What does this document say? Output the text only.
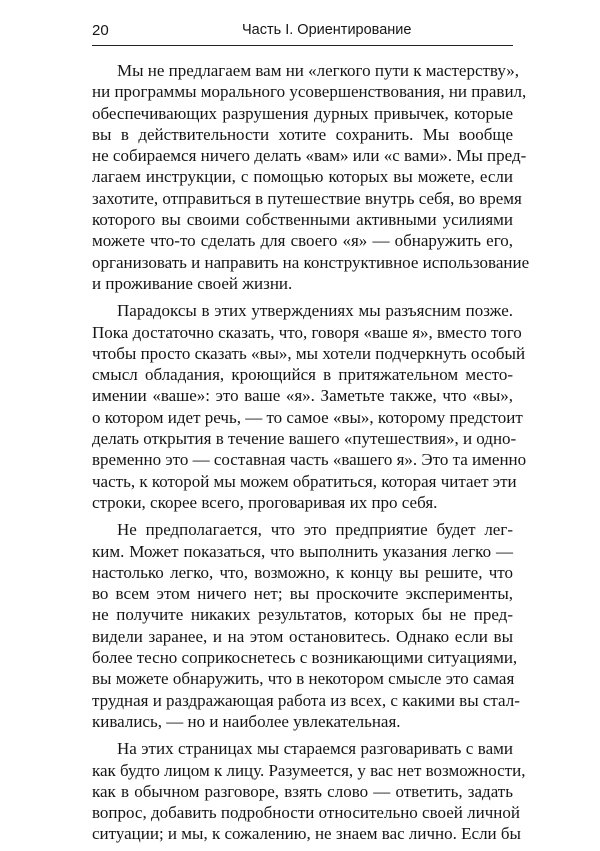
20	Часть I. Ориентирование
Мы не предлагаем вам ни «легкого пути к мастерству»,
ни программы морального усовершенствования, ни правил,
обеспечивающих разрушения дурных привычек, которые
вы в действительности хотите сохранить. Мы вообще
не собираемся ничего делать «вам» или «с вами». Мы пред-
лагаем инструкции, с помощью которых вы можете, если
захотите, отправиться в путешествие внутрь себя, во время
которого вы своими собственными активными усилиями
можете что-то сделать для своего «я» — обнаружить его,
организовать и направить на конструктивное использование
и проживание своей жизни.
Парадоксы в этих утверждениях мы разъясним позже.
Пока достаточно сказать, что, говоря «ваше я», вместо того
чтобы просто сказать «вы», мы хотели подчеркнуть особый
смысл обладания, кроющийся в притяжательном место-
имении «ваше»: это ваше «я». Заметьте также, что «вы»,
о котором идет речь, — то самое «вы», которому предстоит
делать открытия в течение вашего «путешествия», и одно-
временно это — составная часть «вашего я». Это та именно
часть, к которой мы можем обратиться, которая читает эти
строки, скорее всего, проговаривая их про себя.
Не предполагается, что это предприятие будет лег-
ким. Может показаться, что выполнить указания легко —
настолько легко, что, возможно, к концу вы решите, что
во всем этом ничего нет; вы проскочите эксперименты,
не получите никаких результатов, которых бы не пред-
видели заранее, и на этом остановитесь. Однако если вы
более тесно соприкоснетесь с возникающими ситуациями,
вы можете обнаружить, что в некотором смысле это самая
трудная и раздражающая работа из всех, с какими вы стал-
кивались, — но и наиболее увлекательная.
На этих страницах мы стараемся разговаривать с вами
как будто лицом к лицу. Разумеется, у вас нет возможности,
как в обычном разговоре, взять слово — ответить, задать
вопрос, добавить подробности относительно своей личной
ситуации; и мы, к сожалению, не знаем вас лично. Если бы
